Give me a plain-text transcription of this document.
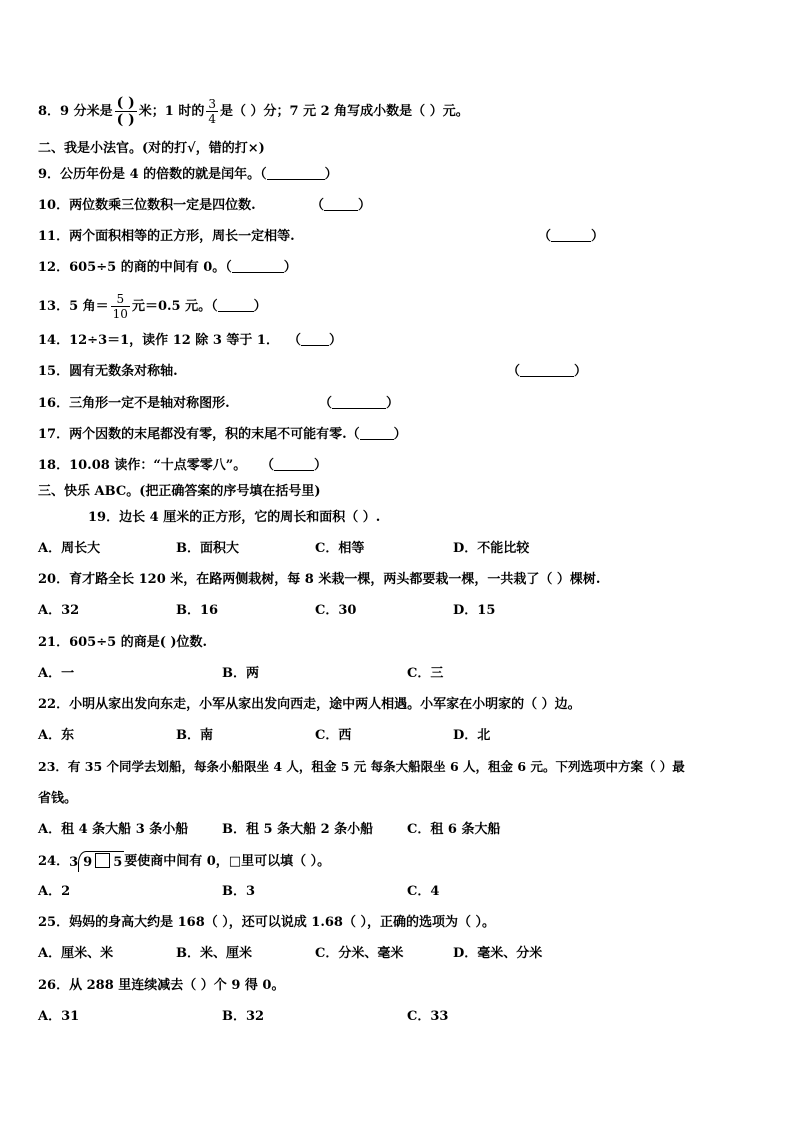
8．9 分米是 $\frac{( )}{( )}$ 米；1 时的 $\frac{3}{4}$ 是（ ）分；7 元 2 角写成小数是（ ）元。
二、我是小法官。(对的打√，错的打×)
9．公历年份是 4 的倍数的就是闰年。（	）
10．两位数乘三位数积一定是四位数.	（	）
11．两个面积相等的正方形，周长一定相等.	（	）
12．605÷5 的商的中间有 0。（	）
13．5 角＝ $\frac{5}{10}$ 元＝0.5 元。（	）
14．12÷3＝1，读作 12 除 3 等于 1． （ ）
15．圆有无数条对称轴.	（	）
16．三角形一定不是轴对称图形.	（	）
17．两个因数的末尾都没有零，积的末尾不可能有零.（	）
18．10.08 读作：“十点零零八”。 （	）
三、快乐 ABC。(把正确答案的序号填在括号里)
19．边长 4 厘米的正方形，它的周长和面积（ ）.
A．周长大	B．面积大	C．相等	D．不能比较
20．育才路全长 120 米，在路两侧栽树，每 8 米栽一棵，两头都要栽一棵，一共栽了（ ）棵树.
A．32	B．16	C．30	D．15
21．605÷5 的商是( )位数.
A．一	B．两	C．三
22．小明从家出发向东走，小军从家出发向西走，途中两人相遇。小军家在小明家的（ ）边。
A．东	B．南	C．西	D．北
23．有 35 个同学去划船，每条小船限坐 4 人，租金 5 元 每条大船限坐 6 人，租金 6 元。下列选项中方案（ ）最
省钱。
A．租 4 条大船 3 条小船	B．租 5 条大船 2 条小船	C．租 6 条大船
24．3 9 5 要使商中间有 0，□里可以填（ ）。
A．2	B．3	C．4
25．妈妈的身高大约是 168（ ），还可以说成 1.68（ ），正确的选项为（ ）。
A．厘米、米	B．米、厘米	C．分米、毫米	D．毫米、分米
26．从 288 里连续减去（ ）个 9 得 0。
A．31	B．32	C．33
